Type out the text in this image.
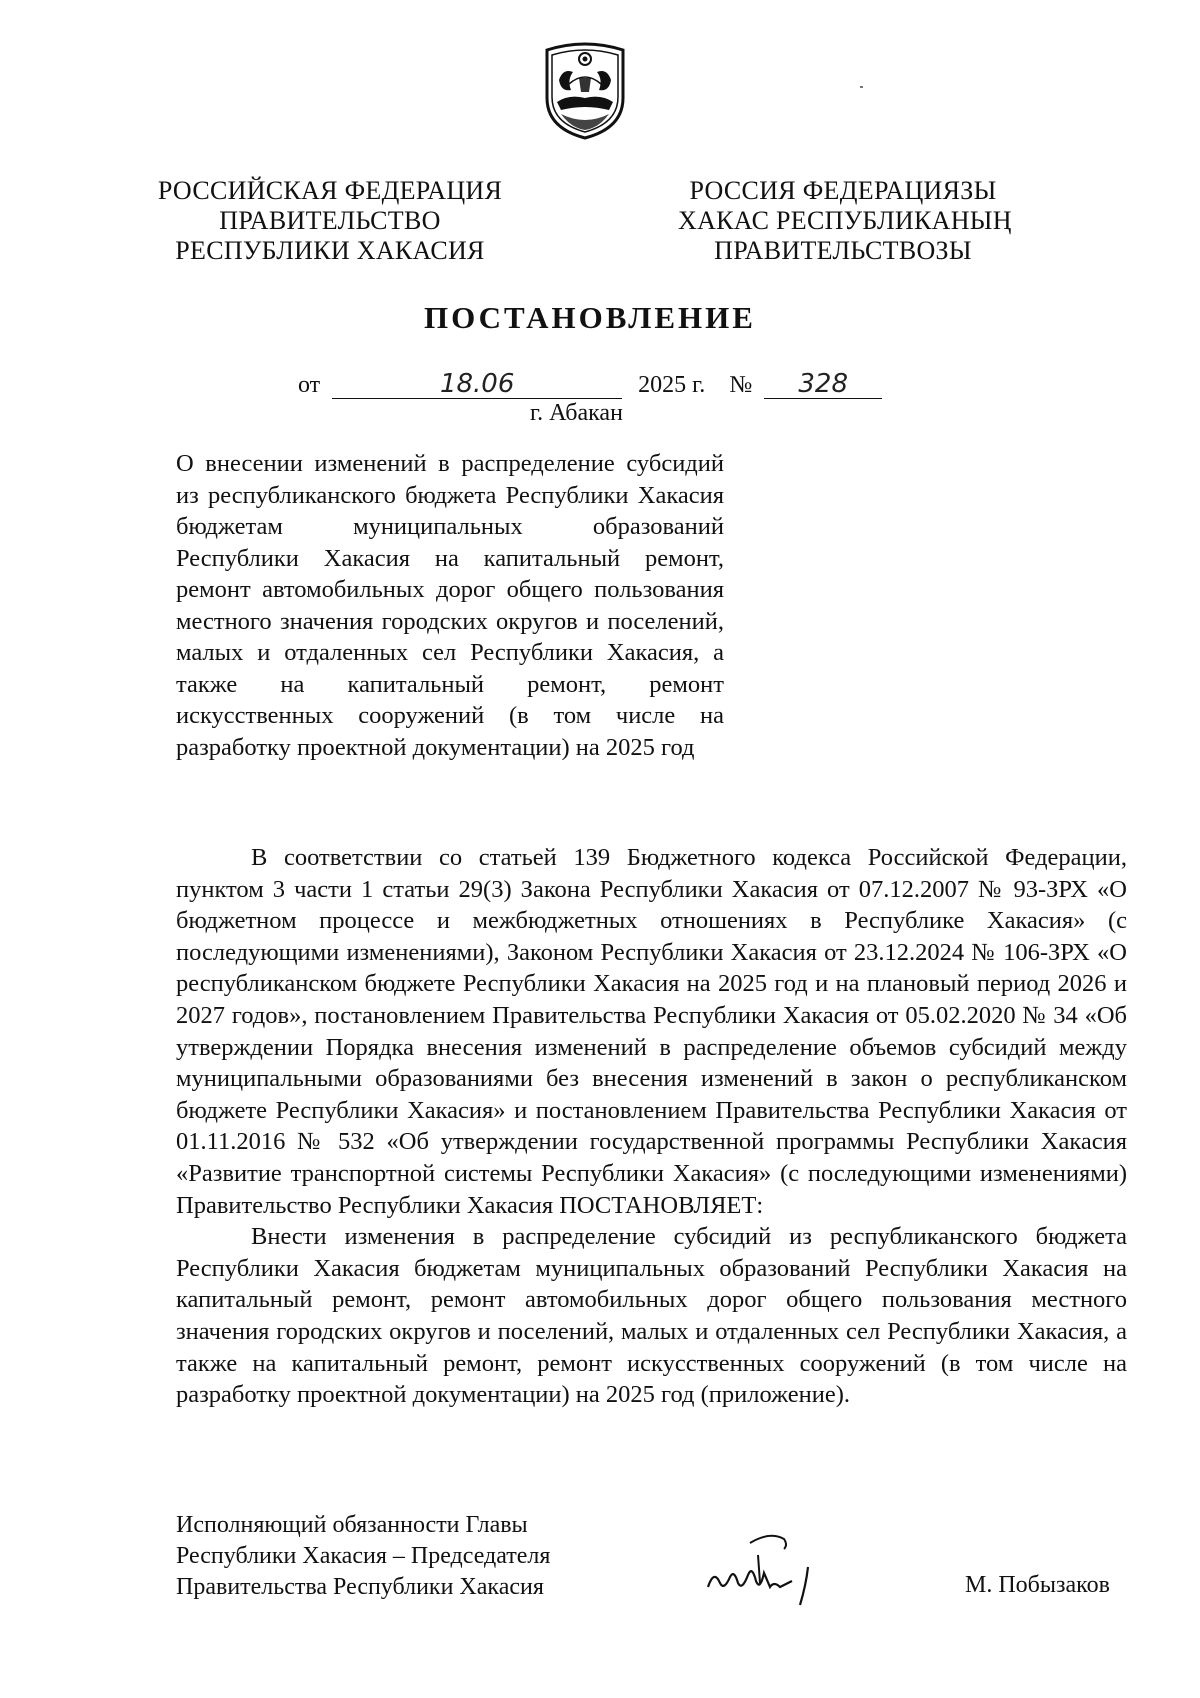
РОССИЙСКАЯ ФЕДЕРАЦИЯ
ПРАВИТЕЛЬСТВО
РЕСПУБЛИКИ ХАКАСИЯ
РОССИЯ ФЕДЕРАЦИЯЗЫ
ХАКАС РЕСПУБЛИКАНЫҢ
ПРАВИТЕЛЬСТВОЗЫ
ПОСТАНОВЛЕНИЕ
от	18.06	2025 г. № 328
г. Абакан
О внесении изменений в распределение субсидий из республиканского бюджета Республики Хакасия бюджетам муниципальных образований Республики Хакасия на капитальный ремонт, ремонт автомобильных дорог общего пользования местного значения городских округов и поселений, малых и отдаленных сел Республики Хакасия, а также на капитальный ремонт, ремонт искусственных сооружений (в том числе на разработку проектной документации) на 2025 год

В соответствии со статьей 139 Бюджетного кодекса Российской Федерации, пунктом 3 части 1 статьи 29(3) Закона Республики Хакасия от 07.12.2007 № 93-ЗРХ «О бюджетном процессе и межбюджетных отношениях в Республике Хакасия» (с последующими изменениями), Законом Республики Хакасия от 23.12.2024 № 106-ЗРХ «О республиканском бюджете Республики Хакасия на 2025 год и на плановый период 2026 и 2027 годов», постановлением Правительства Республики Хакасия от 05.02.2020 № 34 «Об утверждении Порядка внесения изменений в распределение объемов субсидий между муниципальными образованиями без внесения изменений в закон о республиканском бюджете Республики Хакасия» и постановлением Правительства Республики Хакасия от 01.11.2016 № 532 «Об утверждении государственной программы Республики Хакасия «Развитие транспортной системы Республики Хакасия» (с последующими изменениями) Правительство Республики Хакасия ПОСТАНОВЛЯЕТ:

Внести изменения в распределение субсидий из республиканского бюджета Республики Хакасия бюджетам муниципальных образований Республики Хакасия на капитальный ремонт, ремонт автомобильных дорог общего пользования местного значения городских округов и поселений, малых и отдаленных сел Республики Хакасия, а также на капитальный ремонт, ремонт искусственных сооружений (в том числе на разработку проектной документации) на 2025 год (приложение).

Исполняющий обязанности Главы
Республики Хакасия – Председателя
Правительства Республики Хакасия	М. Побызаков
